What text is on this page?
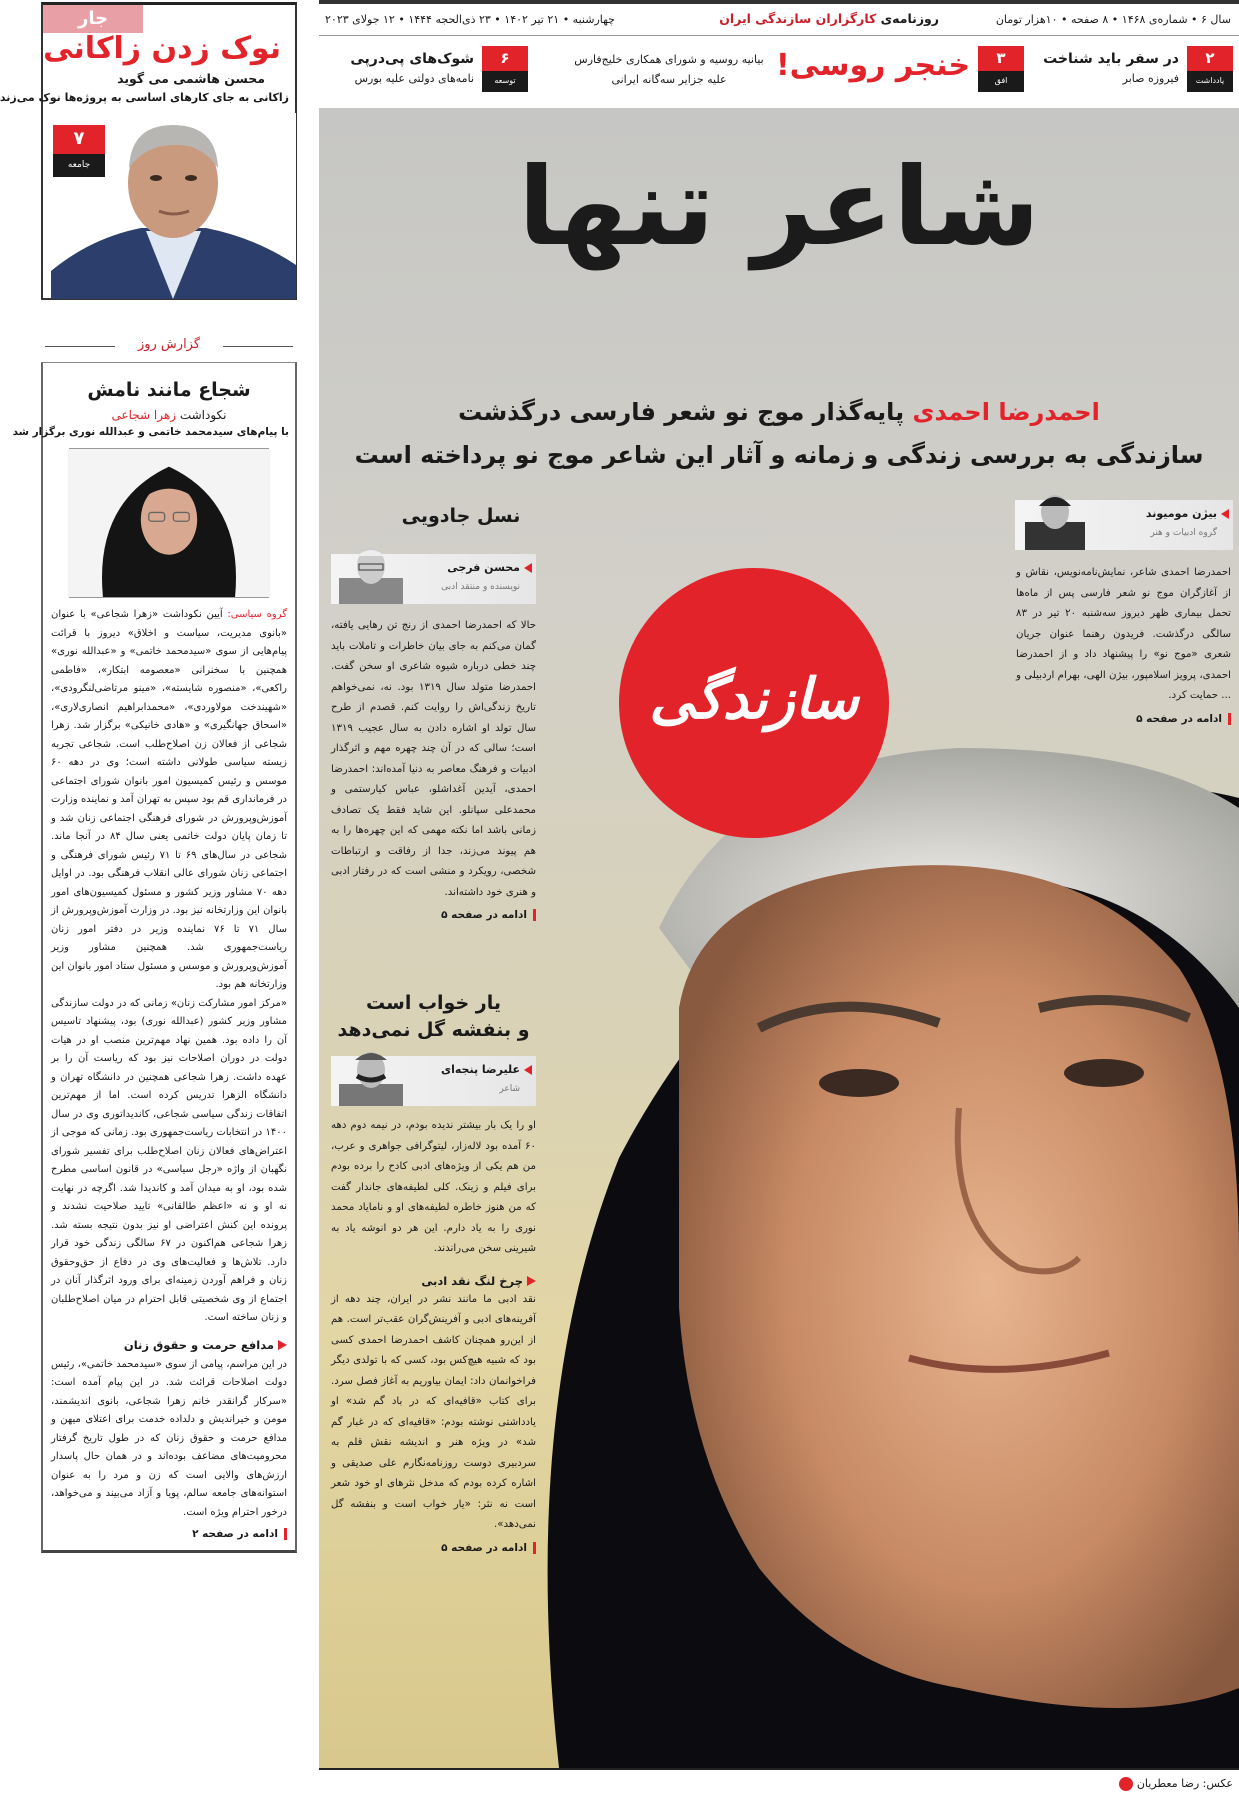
جار
نوک زدن زاکانی
محسن هاشمی می گوید
زاکانی به جای کارهای اساسی به پروژه‌ها نوک می‌زند
۷
جامعه
گزارش روز
شجاع مانند نامش
نکوداشت زهرا شجاعی
با پیام‌های سیدمحمد خاتمی و عبدالله نوری برگزار شد
گروه سیاسی: آیین نکوداشت «زهرا شجاعی» با عنوان «بانوی مدیریت، سیاست و اخلاق» دیروز با قرائت پیام‌هایی از سوی «سیدمحمد خاتمی» و «عبدالله نوری» همچنین با سخنرانی «معصومه ابتکار»، «فاطمی راکعی»، «منصوره شایسته»، «مینو مرتاضی‌لنگرودی»، «شهیندخت مولاوردی»، «محمدابراهیم انصاری‌لاری»، «اسحاق جهانگیری» و «هادی خانیکی» برگزار شد. زهرا شجاعی از فعالان زن اصلاح‌طلب است. شجاعی تجربه زیسته سیاسی طولانی داشته است؛ وی در دهه ۶۰ موسس و رئیس کمیسیون امور بانوان شورای اجتماعی در فرمانداری قم بود سپس به تهران آمد و نماینده وزارت آموزش‌وپرورش در شورای فرهنگی اجتماعی زنان شد و تا زمان پایان دولت خاتمی یعنی سال ۸۴ در آنجا ماند. شجاعی در سال‌های ۶۹ تا ۷۱ رئیس شورای فرهنگی و اجتماعی زنان شورای عالی انقلاب فرهنگی بود. در اوایل دهه ۷۰ مشاور وزیر کشور و مسئول کمیسیون‌های امور بانوان این وزارتخانه نیز بود. در وزارت آموزش‌وپرورش از سال ۷۱ تا ۷۶ نماینده وزیر در دفتر امور زنان ریاست‌جمهوری شد. همچنین مشاور وزیر آموزش‌وپرورش و موسس و مسئول ستاد امور بانوان این وزارتخانه هم بود.
«مرکز امور مشارکت زنان» زمانی که در دولت سازندگی مشاور وزیر کشور (عبدالله نوری) بود، پیشنهاد تاسیس آن را داده بود. همین نهاد مهم‌ترین منصب او در هیات دولت در دوران اصلاحات نیز بود که ریاست آن را بر عهده داشت. زهرا شجاعی همچنین در دانشگاه تهران و دانشگاه الزهرا تدریس کرده است. اما از مهم‌ترین اتفاقات زندگی سیاسی شجاعی، کاندیداتوری وی در سال ۱۴۰۰ در انتخابات ریاست‌جمهوری بود. زمانی که موجی از اعتراض‌های فعالان زنان اصلاح‌طلب برای تفسیر شورای نگهبان از واژه «رجل سیاسی» در قانون اساسی مطرح شده بود، او به میدان آمد و کاندیدا شد. اگرچه در نهایت نه او و نه «اعظم طالقانی» تایید صلاحیت نشدند و پرونده این کنش اعتراضی او نیز بدون نتیجه بسته شد. زهرا شجاعی هم‌اکنون در ۶۷ سالگی زندگی خود قرار دارد. تلاش‌ها و فعالیت‌های وی در دفاع از حق‌وحقوق زنان و فراهم آوردن زمینه‌ای برای ورود اثرگذار آنان در اجتماع از وی شخصیتی قابل احترام در میان اصلاح‌طلبان و زنان ساخته است.
مدافع حرمت و حقوق زنان
در این مراسم، پیامی از سوی «سیدمحمد خاتمی»، رئیس دولت اصلاحات قرائت شد. در این پیام آمده است: «سرکار گرانقدر خانم زهرا شجاعی، بانوی اندیشمند، مومن و خیراندیش و دلداده خدمت برای اعتلای میهن و مدافع حرمت و حقوق زنان که در طول تاریخ گرفتار محرومیت‌های مضاعف بوده‌اند و در همان حال پاسدار ارزش‌های والایی است که زن و مرد را به عنوان استوانه‌های جامعه سالم، پویا و آزاد می‌بیند و می‌خواهد، درخور احترام ویژه است.
ادامه در صفحه ۲
سال ۶ • شماره‌ی ۱۴۶۸ • ۸ صفحه • ۱۰هزار تومان
روزنامه‌ی کارگزاران سازندگی ایران
چهارشنبه • ۲۱ تیر ۱۴۰۲ • ۲۳ ذی‌الحجه ۱۴۴۴ • ۱۲ جولای ۲۰۲۳
۲
یادداشت
در سفر باید شناخت
فیروزه صابر
۳
افق
خنجر روسی!
بیانیه روسیه و شورای همکاری خلیج‌فارس
علیه جزایر سه‌گانه ایرانی
۶
توسعه
شوک‌های پی‌درپی
نامه‌های دولتی علیه بورس
شاعر تنها
احمدرضا احمدی پایه‌گذار موج نو شعر فارسی درگذشت
سازندگی به بررسی زندگی و زمانه و آثار این شاعر موج نو پرداخته است
سازندگی
بیژن مومیوند
گروه ادبیات و هنر
احمدرضا احمدی شاعر، نمایش‌نامه‌نویس، نقاش و از آغازگران موج نو شعر فارسی پس از ماه‌ها تحمل بیماری ظهر دیروز سه‌شنبه ۲۰ تیر در ۸۳ سالگی درگذشت. فریدون رهنما عنوان جریان شعری «موج نو» را پیشنهاد داد و از احمدرضا احمدی، پرویز اسلامپور، بیژن الهی، بهرام اردبیلی و ... حمایت کرد.
ادامه در صفحه ۵
نسل جادویی
محسن فرجی
نویسنده و منتقد ادبی
حالا که احمدرضا احمدی از رنج تن رهایی یافته، گمان می‌کنم به جای بیان خاطرات و تاملات باید چند خطی درباره شیوه شاعری او سخن گفت. احمدرضا متولد سال ۱۳۱۹ بود. نه، نمی‌خواهم تاریخ زندگی‌اش را روایت کنم. قصدم از طرح سال تولد او اشاره دادن به سال عجیب ۱۳۱۹ است؛ سالی که در آن چند چهره مهم و اثرگذار ادبیات و فرهنگ معاصر به دنیا آمده‌اند: احمدرضا احمدی، آیدین آغداشلو، عباس کیارستمی و محمدعلی سپانلو. این شاید فقط یک تصادف زمانی باشد اما نکته مهمی که این چهره‌ها را به هم پیوند می‌زند، جدا از رفاقت و ارتباطات شخصی، رویکرد و منشی است که در رفتار ادبی و هنری خود داشته‌اند.
ادامه در صفحه ۵
یار خواب است
و بنفشه گل نمی‌دهد
علیرضا پنجه‌ای
شاعر
او را یک بار بیشتر ندیده بودم، در نیمه دوم دهه ۶۰ آمده بود لاله‌زار، لیتوگرافی جواهری و عرب، من هم یکی از ویژه‌های ادبی کادح را برده بودم برای فیلم و زینک. کلی لطیفه‌های جاندار گفت که من هنوز خاطره لطیفه‌های او و نامایاد محمد نوری را به یاد دارم. این هر دو انوشه یاد به شیرینی سخن می‌راندند.
چرخ لنگ نقد ادبی
نقد ادبی ما مانند نشر در ایران، چند دهه از آفرینه‌های ادبی و آفرینش‌گران عقب‌تر است. هم از این‌رو همچنان کاشف احمدرضا احمدی کسی بود که شبیه هیچ‌کس بود، کسی که با تولدی دیگر فراخوانمان داد: ایمان بیاوریم به آغاز فصل سرد. برای کتاب «قافیه‌ای که در باد گم شد» او یادداشتی نوشته بودم: «قافیه‌ای که در غبار گم شد» در ویژه هنر و اندیشه نقش قلم به سردبیری دوست روزنامه‌نگارم علی صدیقی و اشاره کرده بودم که مدخل نثرهای او خود شعر است نه نثر: «یار خواب است و بنفشه گل نمی‌دهد».
ادامه در صفحه ۵
عکس: رضا معطریان
